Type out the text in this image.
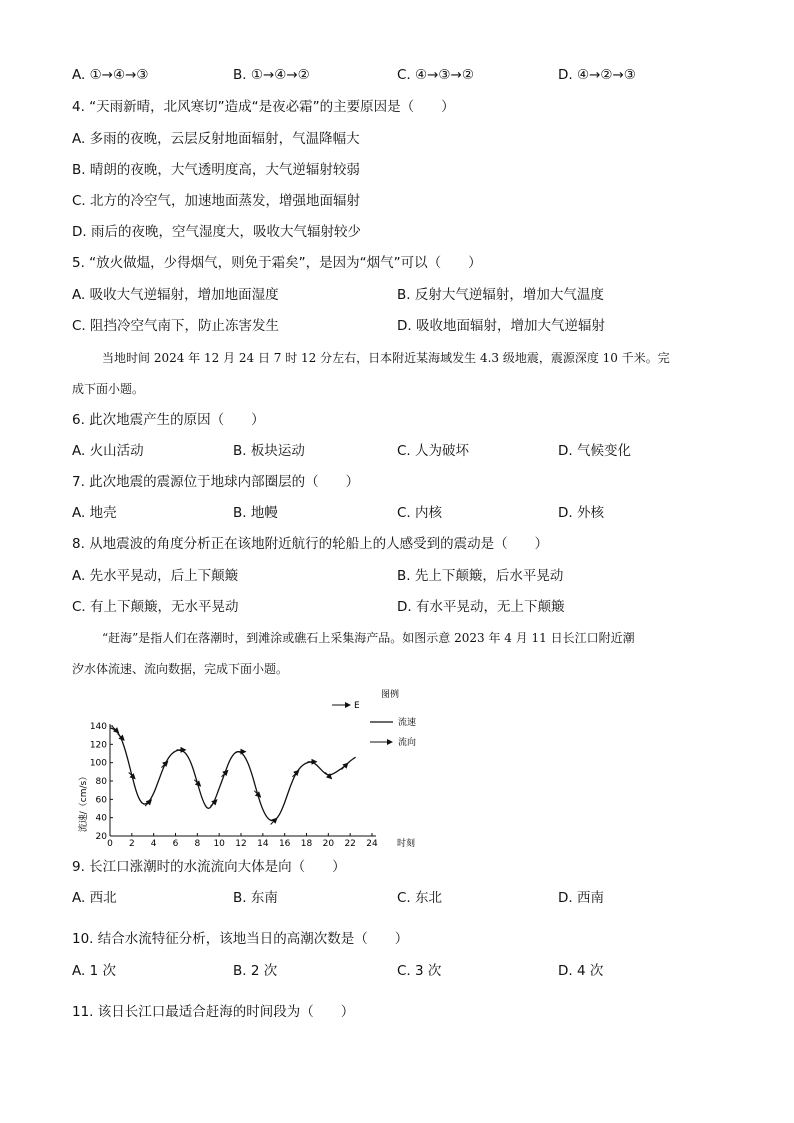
A. ①→④→③	B. ①→④→②	C. ④→③→②	D. ④→②→③
4. “天雨新晴，北风寒切”造成“是夜必霜”的主要原因是（　　）
A. 多雨的夜晚，云层反射地面辐射，气温降幅大
B. 晴朗的夜晚，大气透明度高，大气逆辐射较弱
C. 北方的冷空气，加速地面蒸发，增强地面辐射
D. 雨后的夜晚，空气湿度大，吸收大气辐射较少
5. “放火做煴，少得烟气，则免于霜矣”，是因为“烟气”可以（　　）
A. 吸收大气逆辐射，增加地面湿度	B. 反射大气逆辐射，增加大气温度
C. 阻挡冷空气南下，防止冻害发生	D. 吸收地面辐射，增加大气逆辐射
当地时间 2024 年 12 月 24 日 7 时 12 分左右，日本附近某海域发生 4.3 级地震，震源深度 10 千米。完
成下面小题。
6. 此次地震产生的原因（　　）
A. 火山活动	B. 板块运动	C. 人为破坏	D. 气候变化
7. 此次地震的震源位于地球内部圈层的（　　）
A. 地壳	B. 地幔	C. 内核	D. 外核
8. 从地震波的角度分析正在该地附近航行的轮船上的人感受到的震动是（　　）
A. 先水平晃动，后上下颠簸	B. 先上下颠簸，后水平晃动
C. 有上下颠簸，无水平晃动	D. 有水平晃动，无上下颠簸
“赶海”是指人们在落潮时，到滩涂或礁石上采集海产品。如图示意 2023 年 4 月 11 日长江口附近潮
汐水体流速、流向数据，完成下面小题。
0 2 4 6 8 10 12 14 16 18 20 22 24
20
40
60
80
100
120
140
流速/（cm/s）
时刻
图例
E
流速
流向
9. 长江口涨潮时的水流流向大体是向（　　）
A. 西北	B. 东南	C. 东北	D. 西南
10. 结合水流特征分析，该地当日的高潮次数是（　　）
A. 1 次	B. 2 次	C. 3 次	D. 4 次
11. 该日长江口最适合赶海的时间段为（　　）
